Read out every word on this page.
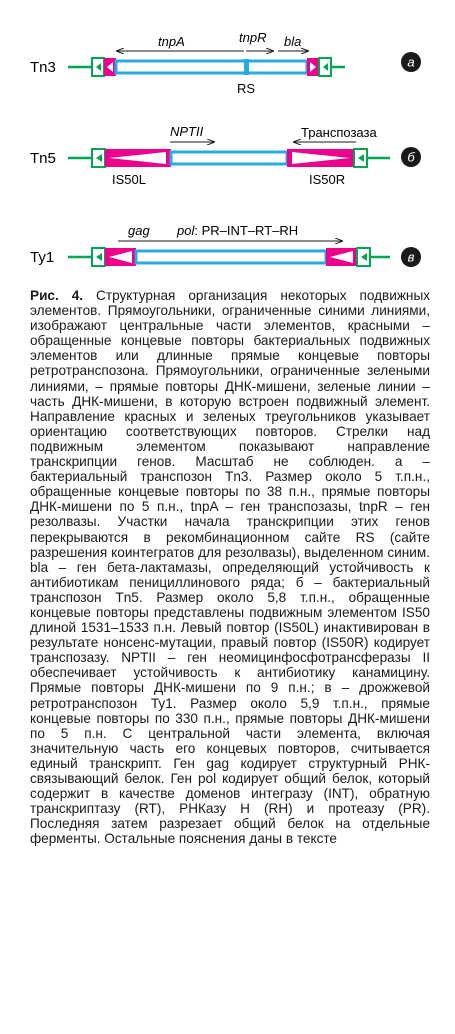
Tn3
tnpA	tnpR bla
RS
а
Tn5
NPTII	Транспозаза
IS50L	IS50R
б
Ty1
gag pol: PR–INT–RT–RH
в

Рис. 4. Структурная организация некоторых подвижных элементов. Прямоугольники, ограниченные синими линиями, изображают центральные части элементов, красными – обращенные концевые повторы бактериальных подвижных элементов или длинные прямые концевые повторы ретротранспозона. Прямоугольники, ограниченные зелеными линиями, – прямые повторы ДНК-мишени, зеленые линии – часть ДНК-мишени, в которую встроен подвижный элемент. Направление красных и зеленых треугольников указывает ориентацию соответствующих повторов. Стрелки над подвижным элементом показывают направление транскрипции генов. Масштаб не соблюден. а – бактериальный транспозон Tn3. Размер около 5 т.п.н., обращенные концевые повторы по 38 п.н., прямые повторы ДНК-мишени по 5 п.н., tnpA – ген транспозазы, tnpR – ген резолвазы. Участки начала транскрипции этих генов перекрываются в рекомбинационном сайте RS (сайте разрешения коинтегратов для резолвазы), выделенном синим. bla – ген бета-лактамазы, определяющий устойчивость к антибиотикам пенициллинового ряда; б – бактериальный транспозон Tn5. Размер около 5,8 т.п.н., обращенные концевые повторы представлены подвижным элементом IS50 длиной 1531–1533 п.н. Левый повтор (IS50L) инактивирован в результате нонсенс-мутации, правый повтор (IS50R) кодирует транспозазу. NPTII – ген неомицинфосфотрансферазы II обеспечивает устойчивость к антибиотику канамицину. Прямые повторы ДНК-мишени по 9 п.н.; в – дрожжевой ретротранспозон Ty1. Размер около 5,9 т.п.н., прямые концевые повторы по 330 п.н., прямые повторы ДНК-мишени по 5 п.н. С центральной части элемента, включая значительную часть его концевых повторов, считывается единый транскрипт. Ген gag кодирует структурный РНК-связывающий белок. Ген pol кодирует общий белок, который содержит в качестве доменов интегразу (INT), обратную транскриптазу (RT), РНКазу H (RH) и протеазу (PR). Последняя затем разрезает общий белок на отдельные ферменты. Остальные пояснения даны в тексте
